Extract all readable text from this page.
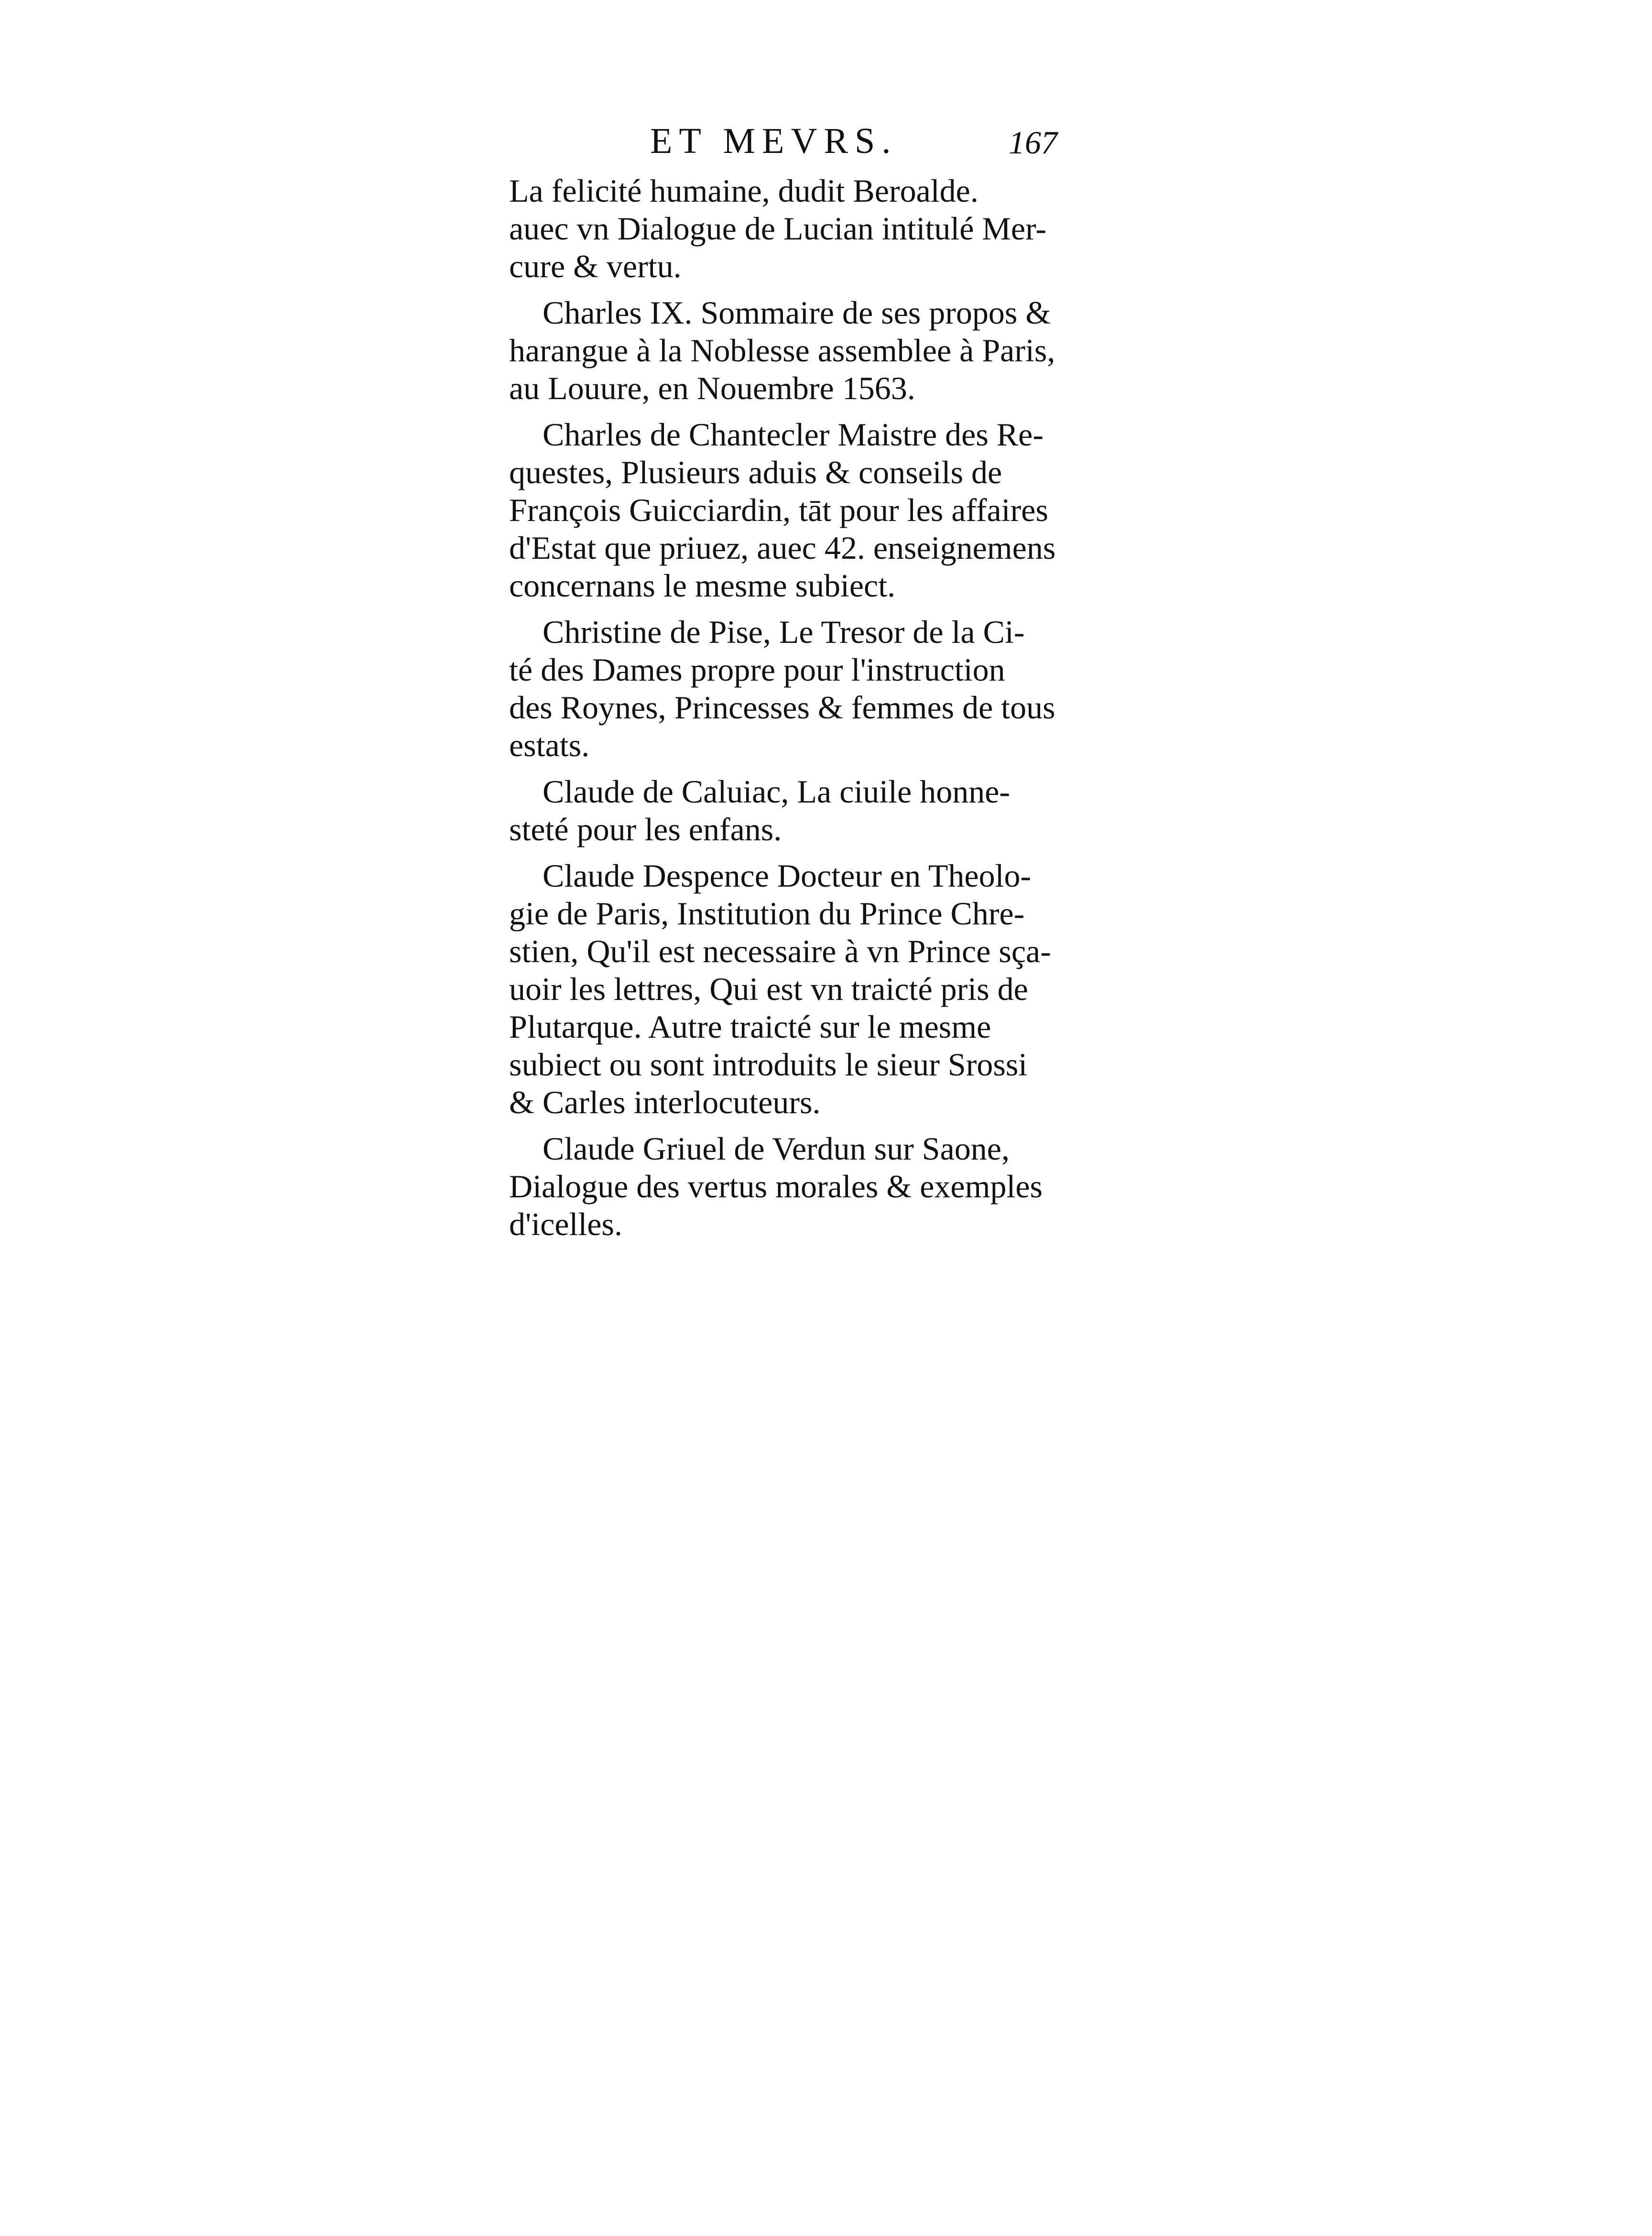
ET MEVRS.	167
La felicité humaine, dudit Beroalde.
auec vn Dialogue de Lucian intitulé Mer-
cure & vertu.
Charles IX. Sommaire de ses propos &
harangue à la Noblesse assemblee à Paris,
au Louure, en Nouembre 1563.
Charles de Chantecler Maistre des Re-
questes, Plusieurs aduis & conseils de
François Guicciardin, tāt pour les affaires
d'Estat que priuez, auec 42. enseignemens
concernans le mesme subiect.
Christine de Pise, Le Tresor de la Ci-
té des Dames propre pour l'instruction
des Roynes, Princesses & femmes de tous
estats.
Claude de Caluiac, La ciuile honne-
steté pour les enfans.
Claude Despence Docteur en Theolo-
gie de Paris, Institution du Prince Chre-
stien, Qu'il est necessaire à vn Prince sça-
uoir les lettres, Qui est vn traicté pris de
Plutarque. Autre traicté sur le mesme
subiect ou sont introduits le sieur Srossi
& Carles interlocuteurs.
Claude Griuel de Verdun sur Saone,
Dialogue des vertus morales & exemples
d'icelles.
